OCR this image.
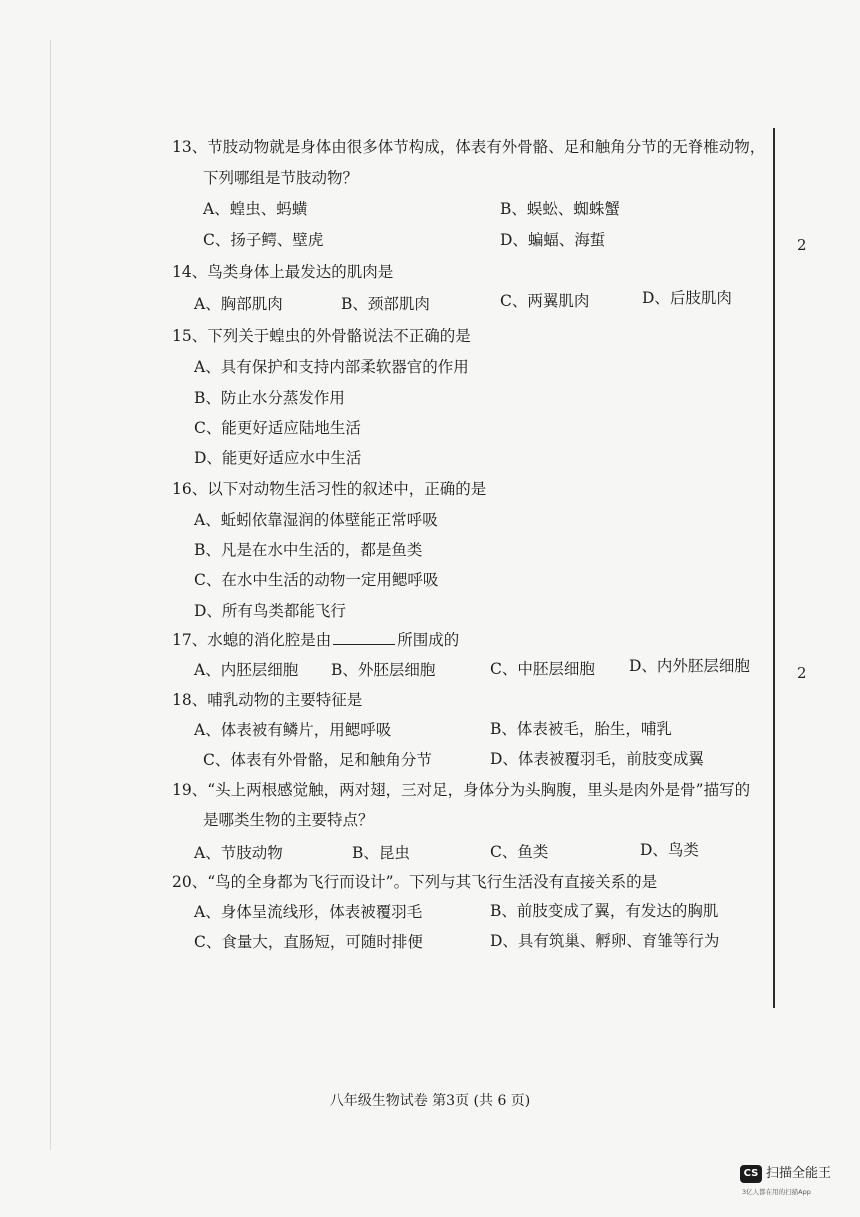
2
2
13、节肢动物就是身体由很多体节构成，体表有外骨骼、足和触角分节的无脊椎动物，
下列哪组是节肢动物？
A、蝗虫、蚂蟥	B、蜈蚣、蜘蛛蟹
C、扬子鳄、壁虎	D、蝙蝠、海蜇
14、鸟类身体上最发达的肌肉是
A、胸部肌肉	B、颈部肌肉	C、两翼肌肉	D、后肢肌肉
15、下列关于蝗虫的外骨骼说法不正确的是
A、具有保护和支持内部柔软器官的作用
B、防止水分蒸发作用
C、能更好适应陆地生活
D、能更好适应水中生活
16、以下对动物生活习性的叙述中，正确的是
A、蚯蚓依靠湿润的体壁能正常呼吸
B、凡是在水中生活的，都是鱼类
C、在水中生活的动物一定用鳃呼吸
D、所有鸟类都能飞行
17、水螅的消化腔是由	所围成的
A、内胚层细胞 B、外胚层细胞	C、中胚层细胞 D、内外胚层细胞
18、哺乳动物的主要特征是
A、体表被有鳞片，用鳃呼吸	B、体表被毛，胎生，哺乳
C、体表有外骨骼，足和触角分节	D、体表被覆羽毛，前肢变成翼
19、“头上两根感觉触，两对翅，三对足，身体分为头胸腹，里头是肉外是骨”描写的
是哪类生物的主要特点？
A、节肢动物	B、昆虫	C、鱼类	D、鸟类
20、“鸟的全身都为飞行而设计”。下列与其飞行生活没有直接关系的是
A、身体呈流线形，体表被覆羽毛	B、前肢变成了翼，有发达的胸肌
C、食量大，直肠短，可随时排便	D、具有筑巢、孵卵、育雏等行为
八年级生物试卷 第3页 (共 6 页)
CS 扫描全能王
3亿人都在用的扫描App
